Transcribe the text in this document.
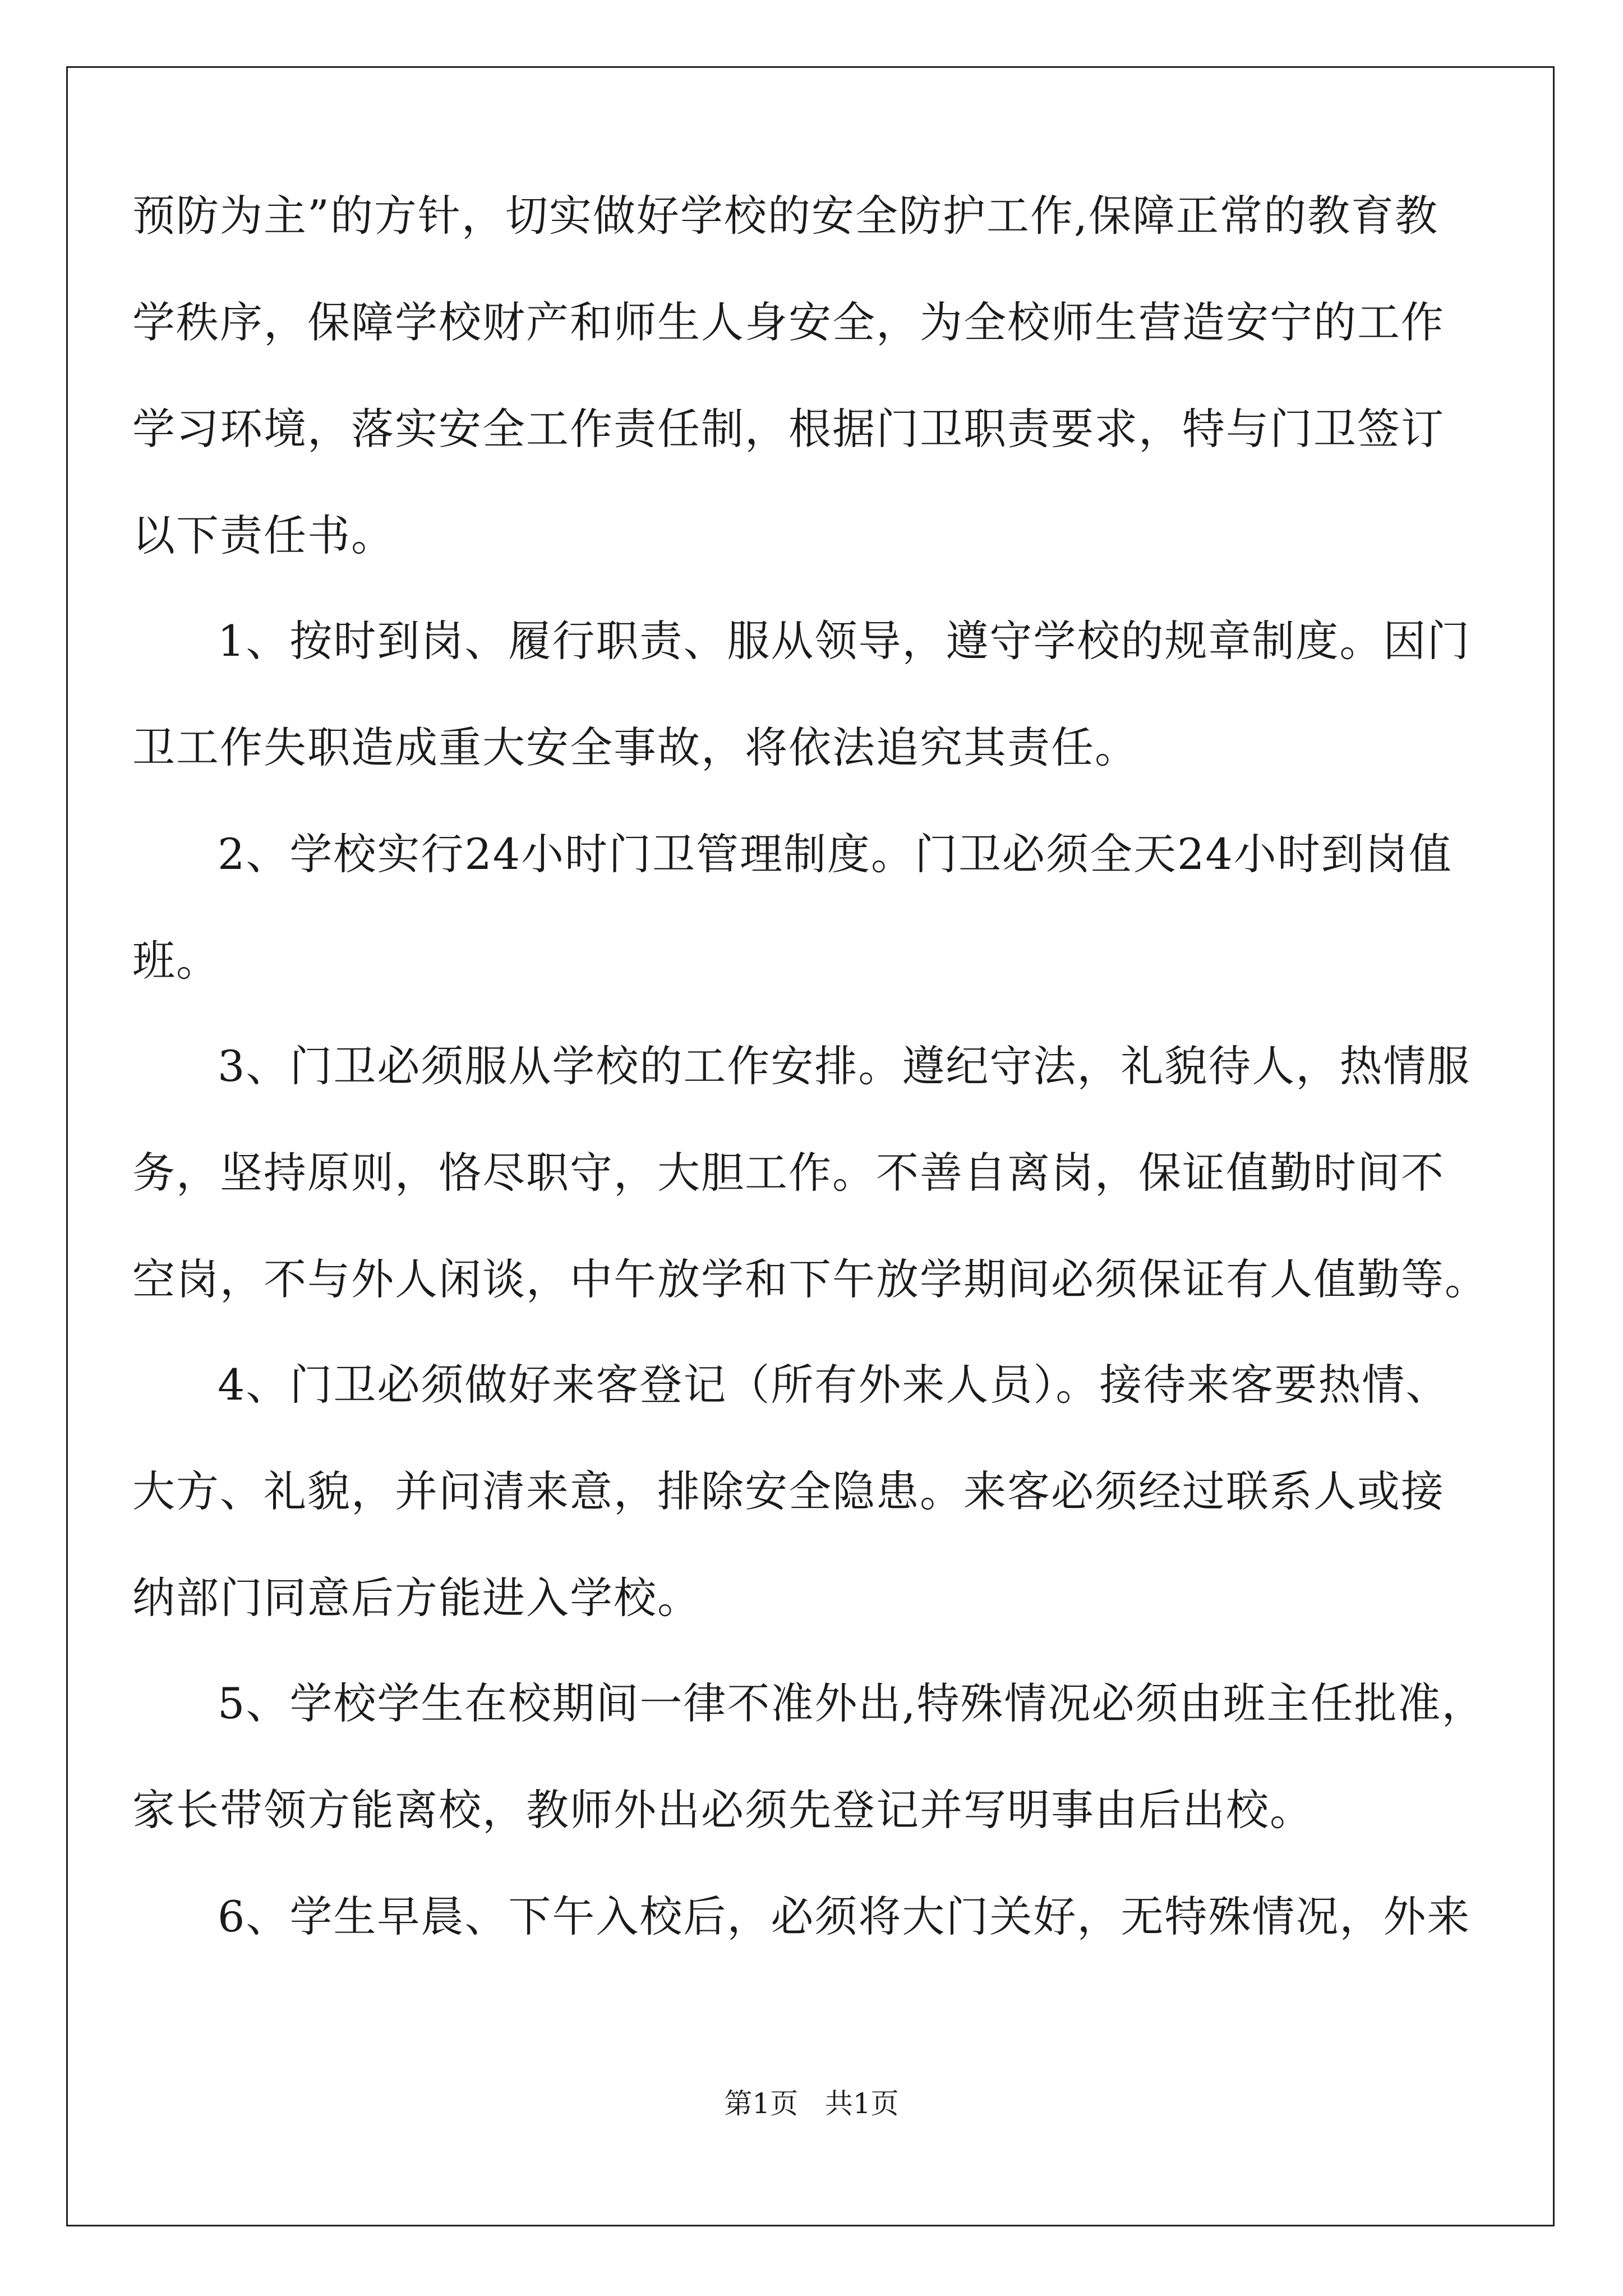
预防为主”的方针，切实做好学校的安全防护工作,保障正常的教育教
学秩序，保障学校财产和师生人身安全，为全校师生营造安宁的工作
学习环境，落实安全工作责任制，根据门卫职责要求，特与门卫签订
以下责任书。
1、按时到岗、履行职责、服从领导，遵守学校的规章制度。因门
卫工作失职造成重大安全事故，将依法追究其责任。
2、学校实行24小时门卫管理制度。门卫必须全天24小时到岗值
班。
3、门卫必须服从学校的工作安排。遵纪守法，礼貌待人，热情服
务，坚持原则，恪尽职守，大胆工作。不善自离岗，保证值勤时间不
空岗，不与外人闲谈，中午放学和下午放学期间必须保证有人值勤等。
4、门卫必须做好来客登记（所有外来人员）。接待来客要热情、
大方、礼貌，并问清来意，排除安全隐患。来客必须经过联系人或接
纳部门同意后方能进入学校。
5、学校学生在校期间一律不准外出,特殊情况必须由班主任批准，
家长带领方能离校，教师外出必须先登记并写明事由后出校。
6、学生早晨、下午入校后，必须将大门关好，无特殊情况，外来
第1页 共1页
